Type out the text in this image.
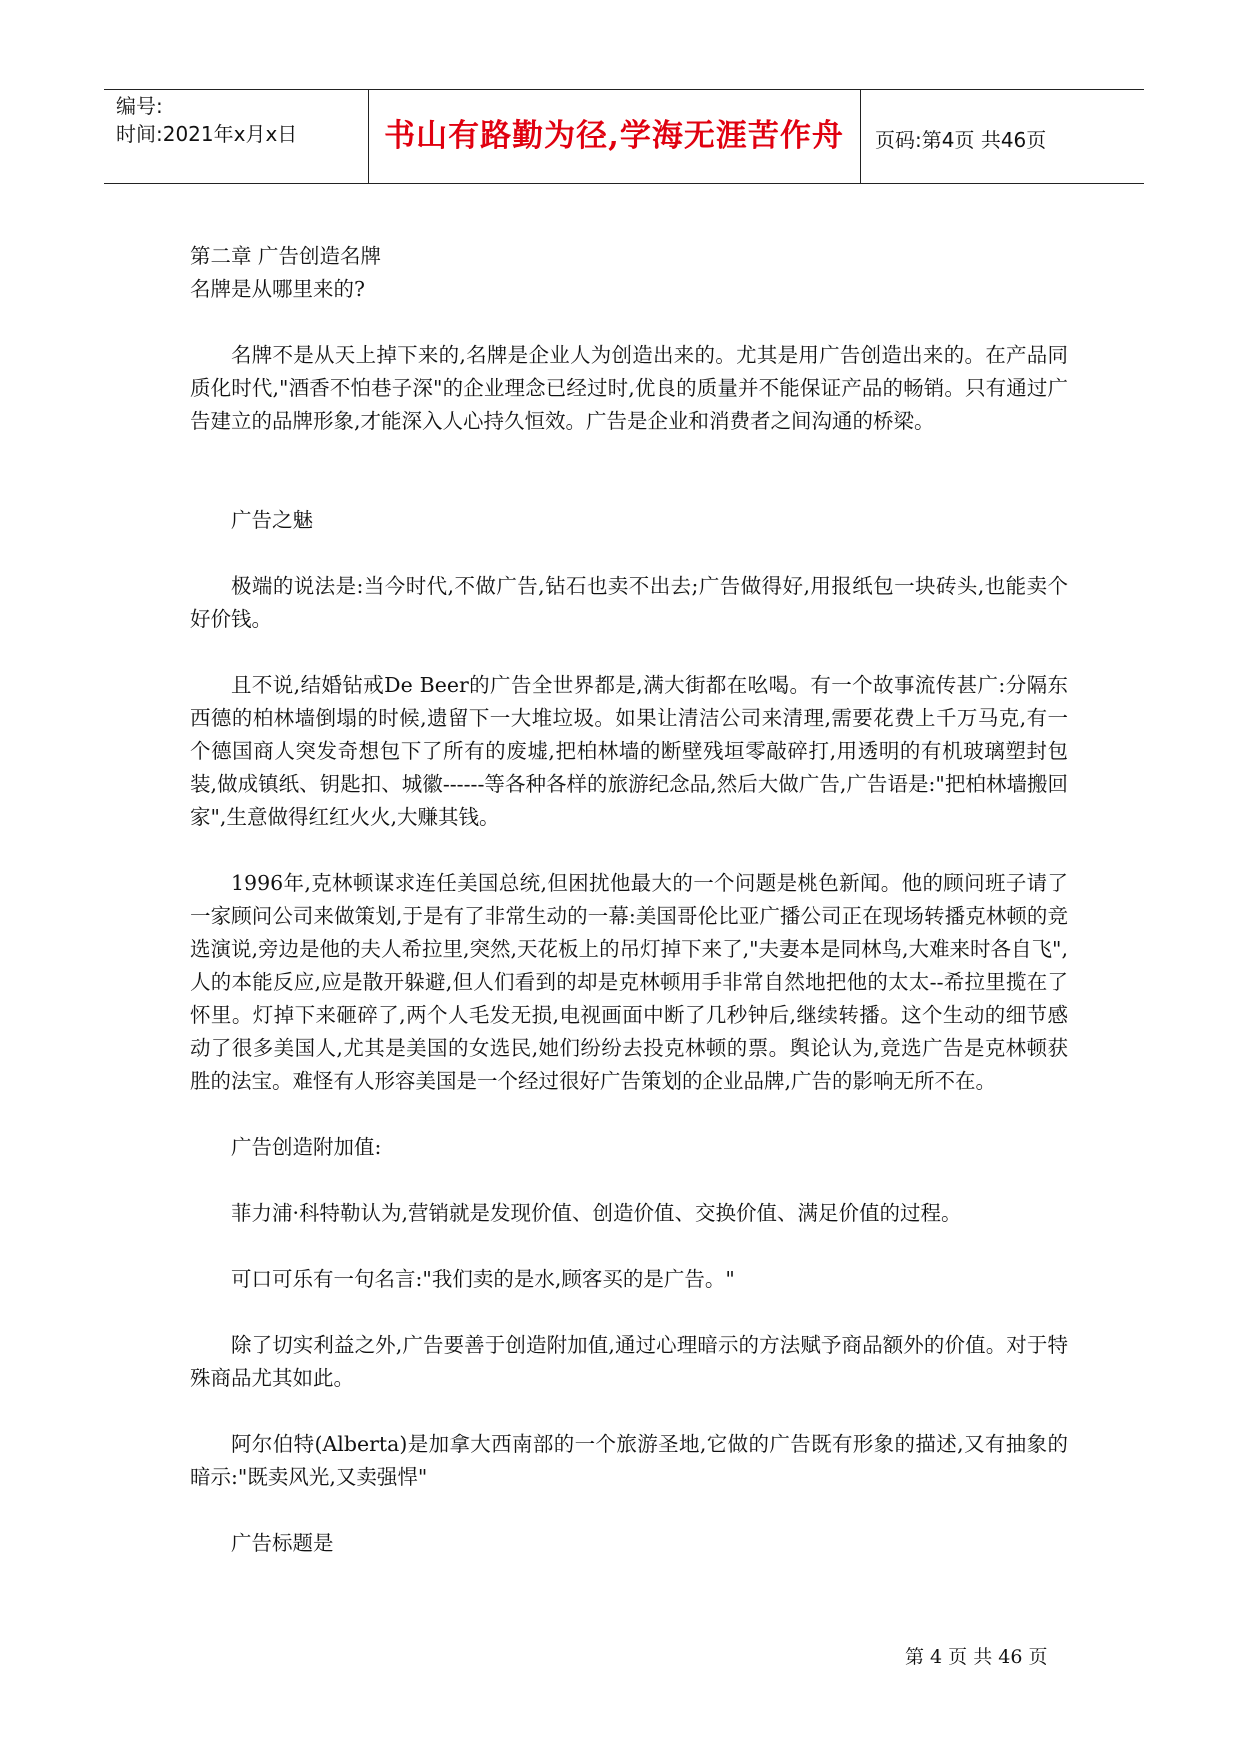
编号:
时间:2021年x月x日	书山有路勤为径,学海无涯苦作舟	页码:第4页 共46页

第二章 广告创造名牌

名牌是从哪里来的?

名牌不是从天上掉下来的,名牌是企业人为创造出来的。尤其是用广告创造出来的。在产品同质化时代,"酒香不怕巷子深"的企业理念已经过时,优良的质量并不能保证产品的畅销。只有通过广告建立的品牌形象,才能深入人心持久恒效。广告是企业和消费者之间沟通的桥梁。

广告之魅

极端的说法是:当今时代,不做广告,钻石也卖不出去;广告做得好,用报纸包一块砖头,也能卖个好价钱。

且不说,结婚钻戒De Beer的广告全世界都是,满大街都在吆喝。有一个故事流传甚广:分隔东西德的柏林墙倒塌的时候,遗留下一大堆垃圾。如果让清洁公司来清理,需要花费上千万马克,有一个德国商人突发奇想包下了所有的废墟,把柏林墙的断壁残垣零敲碎打,用透明的有机玻璃塑封包装,做成镇纸、钥匙扣、城徽------等各种各样的旅游纪念品,然后大做广告,广告语是:"把柏林墙搬回家",生意做得红红火火,大赚其钱。

1996年,克林顿谋求连任美国总统,但困扰他最大的一个问题是桃色新闻。他的顾问班子请了一家顾问公司来做策划,于是有了非常生动的一幕:美国哥伦比亚广播公司正在现场转播克林顿的竞选演说,旁边是他的夫人希拉里,突然,天花板上的吊灯掉下来了,"夫妻本是同林鸟,大难来时各自飞",人的本能反应,应是散开躲避,但人们看到的却是克林顿用手非常自然地把他的太太--希拉里揽在了怀里。灯掉下来砸碎了,两个人毛发无损,电视画面中断了几秒钟后,继续转播。这个生动的细节感动了很多美国人,尤其是美国的女选民,她们纷纷去投克林顿的票。舆论认为,竞选广告是克林顿获胜的法宝。难怪有人形容美国是一个经过很好广告策划的企业品牌,广告的影响无所不在。

广告创造附加值:

菲力浦·科特勒认为,营销就是发现价值、创造价值、交换价值、满足价值的过程。

可口可乐有一句名言:"我们卖的是水,顾客买的是广告。"

除了切实利益之外,广告要善于创造附加值,通过心理暗示的方法赋予商品额外的价值。对于特殊商品尤其如此。

阿尔伯特(Alberta)是加拿大西南部的一个旅游圣地,它做的广告既有形象的描述,又有抽象的暗示:"既卖风光,又卖强悍"

广告标题是

第 4 页 共 46 页
